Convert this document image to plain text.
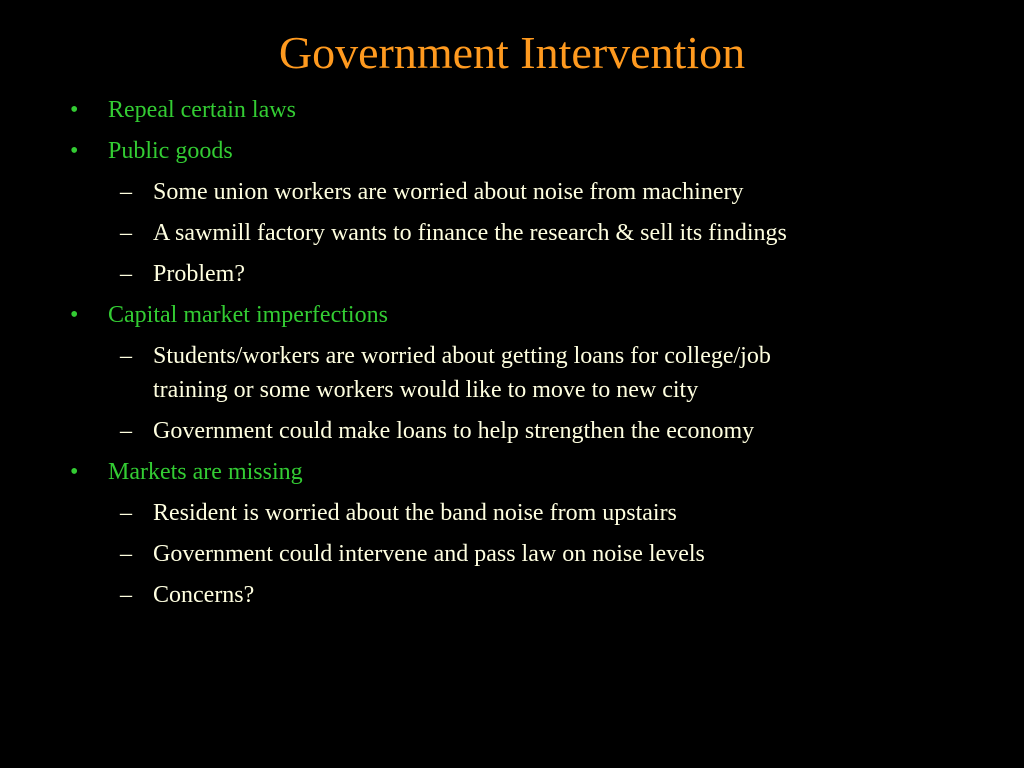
Government Intervention
• Repeal certain laws
• Public goods
– Some union workers are worried about noise from machinery
– A sawmill factory wants to finance the research & sell its findings
– Problem?
• Capital market imperfections
– Students/workers are worried about getting loans for college/job
training or some workers would like to move to new city
– Government could make loans to help strengthen the economy
• Markets are missing
– Resident is worried about the band noise from upstairs
– Government could intervene and pass law on noise levels
– Concerns?
